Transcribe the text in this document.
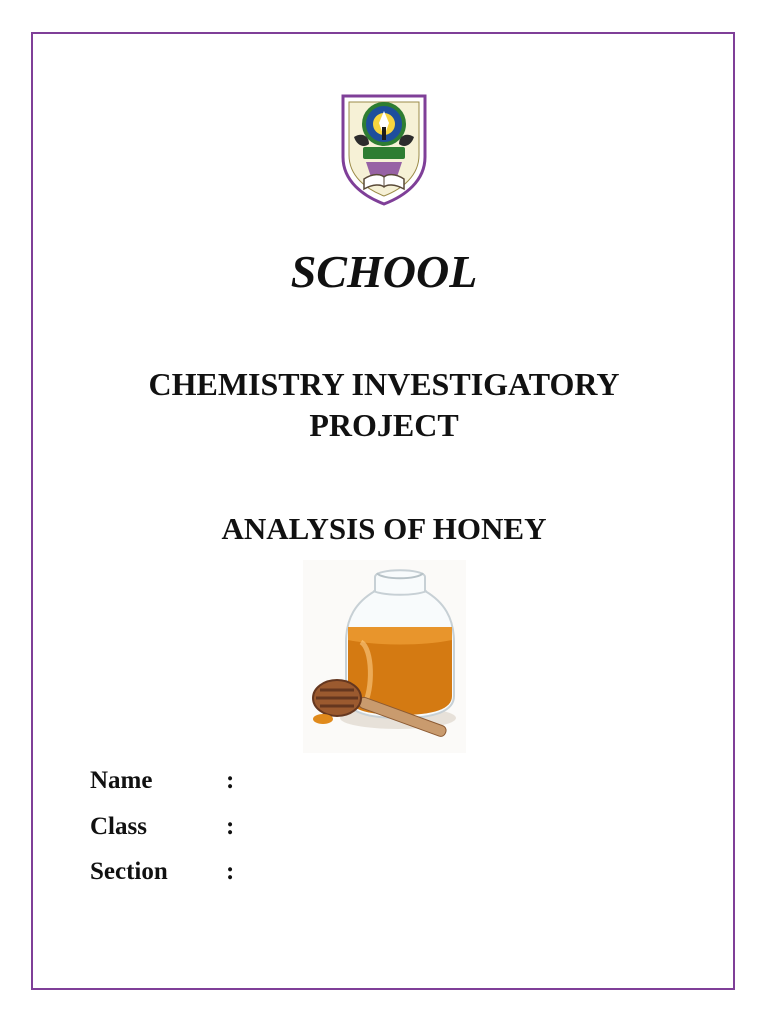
SCHOOL
CHEMISTRY INVESTIGATORY
PROJECT
ANALYSIS OF HONEY
Name	:
Class	:
Section :
